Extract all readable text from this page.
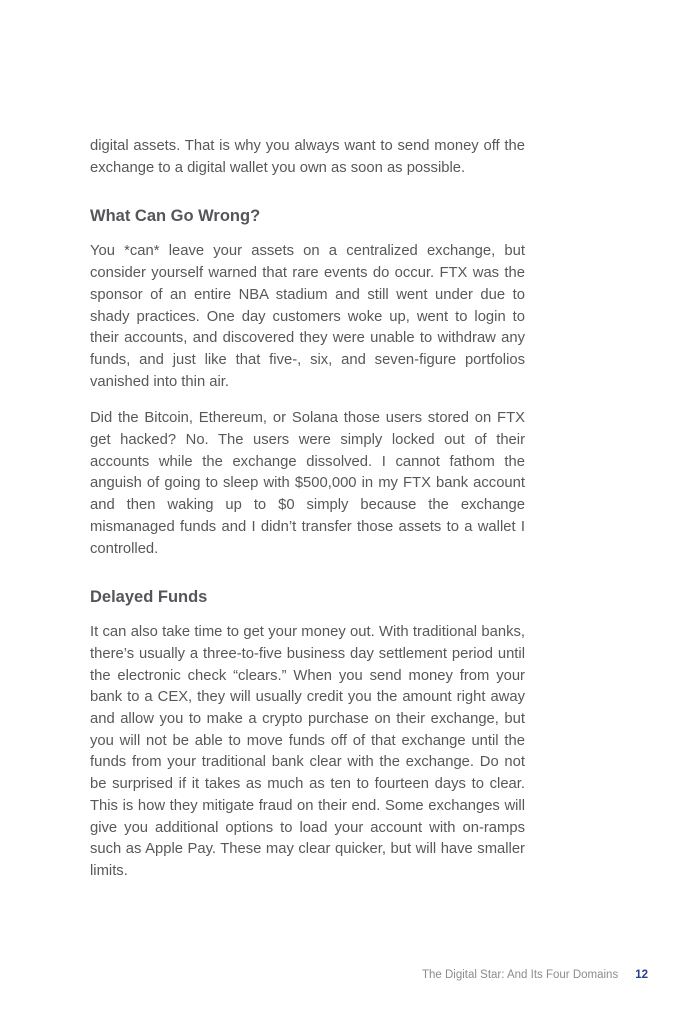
digital assets. That is why you always want to send money off the exchange to a digital wallet you own as soon as possible.

What Can Go Wrong?

You *can* leave your assets on a centralized exchange, but consider yourself warned that rare events do occur. FTX was the sponsor of an entire NBA stadium and still went under due to shady practices. One day customers woke up, went to login to their accounts, and discovered they were unable to withdraw any funds, and just like that five-, six, and seven-figure portfolios vanished into thin air.

Did the Bitcoin, Ethereum, or Solana those users stored on FTX get hacked? No. The users were simply locked out of their accounts while the exchange dissolved. I cannot fathom the anguish of going to sleep with $500,000 in my FTX bank account and then waking up to $0 simply because the exchange mismanaged funds and I didn’t transfer those assets to a wallet I controlled.

Delayed Funds

It can also take time to get your money out. With traditional banks, there’s usually a three-to-five business day settlement period until the electronic check “clears.” When you send money from your bank to a CEX, they will usually credit you the amount right away and allow you to make a crypto purchase on their exchange, but you will not be able to move funds off of that exchange until the funds from your traditional bank clear with the exchange. Do not be surprised if it takes as much as ten to fourteen days to clear. This is how they mitigate fraud on their end. Some exchanges will give you additional options to load your account with on-ramps such as Apple Pay. These may clear quicker, but will have smaller limits.

The Digital Star: And Its Four Domains 12
